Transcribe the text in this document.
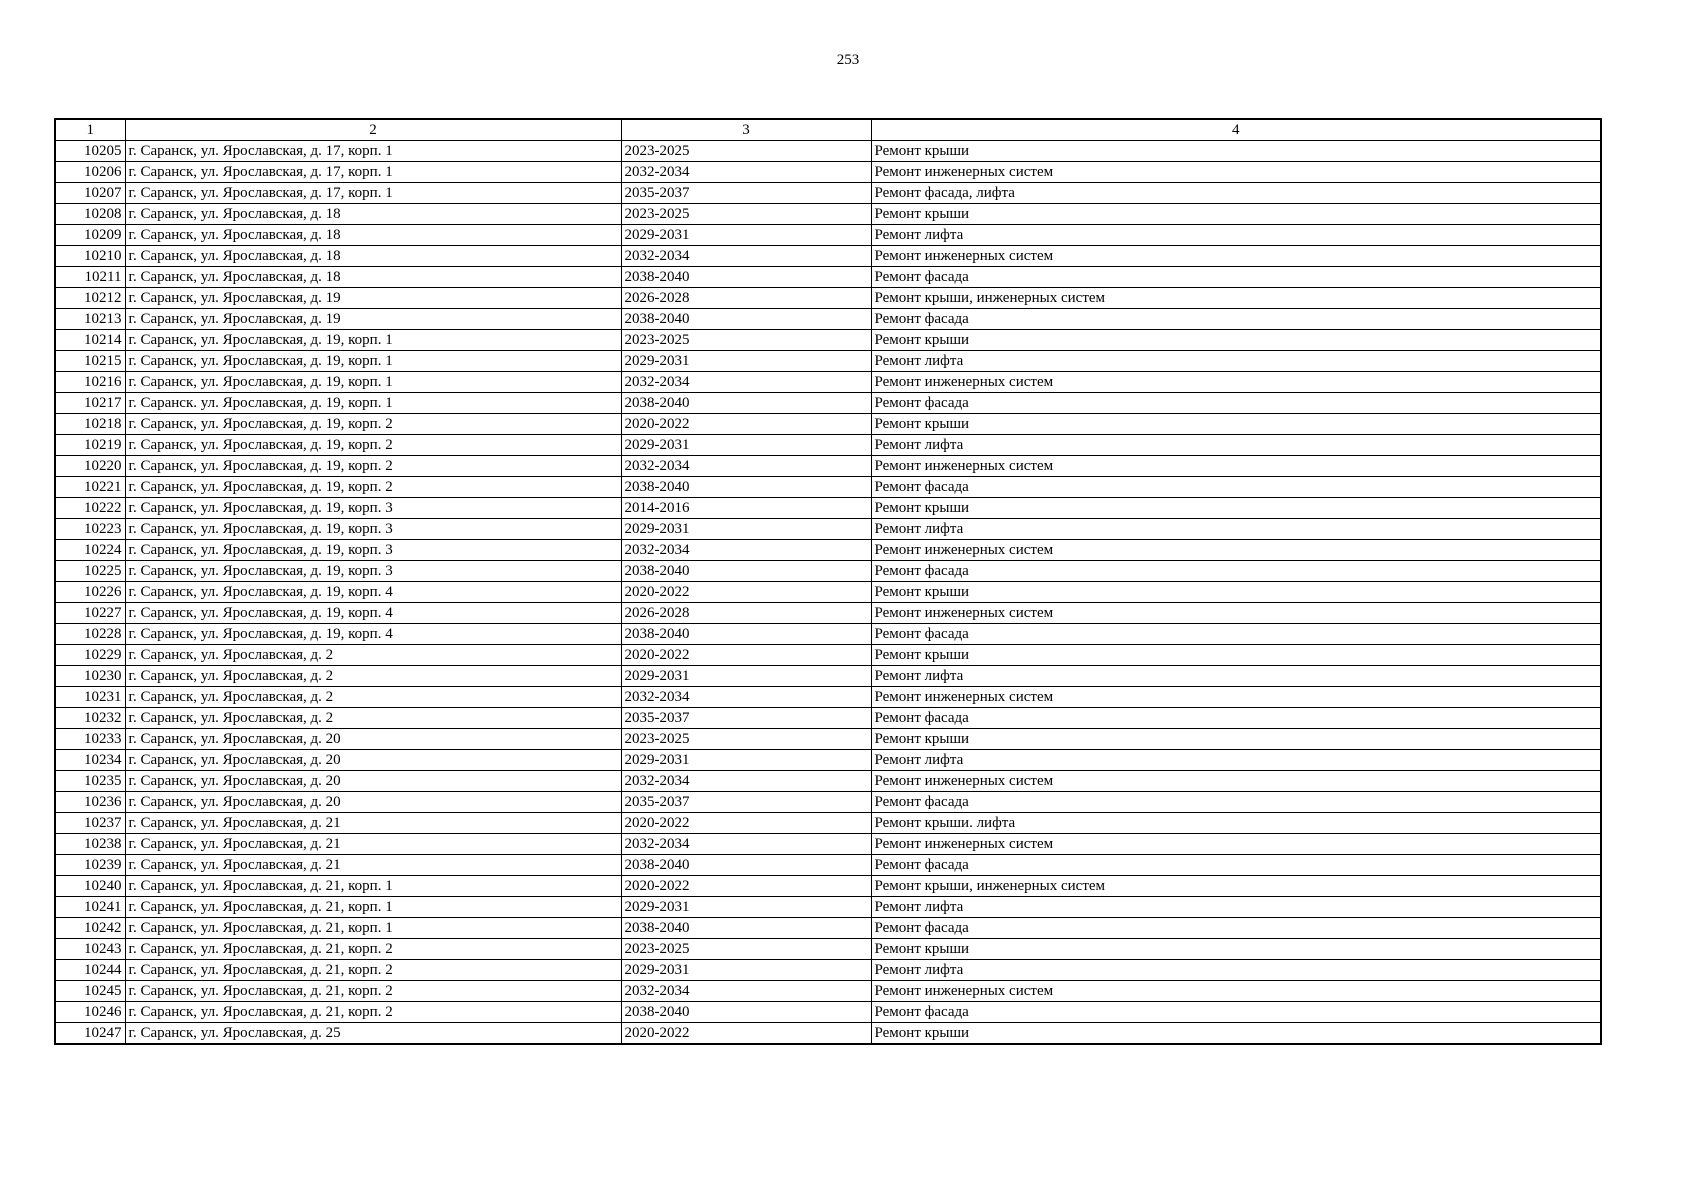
253
1	2	3	4
10205	г. Саранск, ул. Ярославская, д. 17, корп. 1	2023-2025	Ремонт крыши
10206	г. Саранск, ул. Ярославская, д. 17, корп. 1	2032-2034	Ремонт инженерных систем
10207	г. Саранск, ул. Ярославская, д. 17, корп. 1	2035-2037	Ремонт фасада, лифта
10208	г. Саранск, ул. Ярославская, д. 18	2023-2025	Ремонт крыши
10209	г. Саранск, ул. Ярославская, д. 18	2029-2031	Ремонт лифта
10210	г. Саранск, ул. Ярославская, д. 18	2032-2034	Ремонт инженерных систем
10211	г. Саранск, ул. Ярославская, д. 18	2038-2040	Ремонт фасада
10212	г. Саранск, ул. Ярославская, д. 19	2026-2028	Ремонт крыши, инженерных систем
10213	г. Саранск, ул. Ярославская, д. 19	2038-2040	Ремонт фасада
10214	г. Саранск, ул. Ярославская, д. 19, корп. 1	2023-2025	Ремонт крыши
10215	г. Саранск, ул. Ярославская, д. 19, корп. 1	2029-2031	Ремонт лифта
10216	г. Саранск, ул. Ярославская, д. 19, корп. 1	2032-2034	Ремонт инженерных систем
10217	г. Саранск. ул. Ярославская, д. 19, корп. 1	2038-2040	Ремонт фасада
10218	г. Саранск, ул. Ярославская, д. 19, корп. 2	2020-2022	Ремонт крыши
10219	г. Саранск, ул. Ярославская, д. 19, корп. 2	2029-2031	Ремонт лифта
10220	г. Саранск, ул. Ярославская, д. 19, корп. 2	2032-2034	Ремонт инженерных систем
10221	г. Саранск, ул. Ярославская, д. 19, корп. 2	2038-2040	Ремонт фасада
10222	г. Саранск, ул. Ярославская, д. 19, корп. 3	2014-2016	Ремонт крыши
10223	г. Саранск, ул. Ярославская, д. 19, корп. 3	2029-2031	Ремонт лифта
10224	г. Саранск, ул. Ярославская, д. 19, корп. 3	2032-2034	Ремонт инженерных систем
10225	г. Саранск, ул. Ярославская, д. 19, корп. 3	2038-2040	Ремонт фасада
10226	г. Саранск, ул. Ярославская, д. 19, корп. 4	2020-2022	Ремонт крыши
10227	г. Саранск, ул. Ярославская, д. 19, корп. 4	2026-2028	Ремонт инженерных систем
10228	г. Саранск, ул. Ярославская, д. 19, корп. 4	2038-2040	Ремонт фасада
10229	г. Саранск, ул. Ярославская, д. 2	2020-2022	Ремонт крыши
10230	г. Саранск, ул. Ярославская, д. 2	2029-2031	Ремонт лифта
10231	г. Саранск, ул. Ярославская, д. 2	2032-2034	Ремонт инженерных систем
10232	г. Саранск, ул. Ярославская, д. 2	2035-2037	Ремонт фасада
10233	г. Саранск, ул. Ярославская, д. 20	2023-2025	Ремонт крыши
10234	г. Саранск, ул. Ярославская, д. 20	2029-2031	Ремонт лифта
10235	г. Саранск, ул. Ярославская, д. 20	2032-2034	Ремонт инженерных систем
10236	г. Саранск, ул. Ярославская, д. 20	2035-2037	Ремонт фасада
10237	г. Саранск, ул. Ярославская, д. 21	2020-2022	Ремонт крыши. лифта
10238	г. Саранск, ул. Ярославская, д. 21	2032-2034	Ремонт инженерных систем
10239	г. Саранск, ул. Ярославская, д. 21	2038-2040	Ремонт фасада
10240	г. Саранск, ул. Ярославская, д. 21, корп. 1	2020-2022	Ремонт крыши, инженерных систем
10241	г. Саранск, ул. Ярославская, д. 21, корп. 1	2029-2031	Ремонт лифта
10242	г. Саранск, ул. Ярославская, д. 21, корп. 1	2038-2040	Ремонт фасада
10243	г. Саранск, ул. Ярославская, д. 21, корп. 2	2023-2025	Ремонт крыши
10244	г. Саранск, ул. Ярославская, д. 21, корп. 2	2029-2031	Ремонт лифта
10245	г. Саранск, ул. Ярославская, д. 21, корп. 2	2032-2034	Ремонт инженерных систем
10246	г. Саранск, ул. Ярославская, д. 21, корп. 2	2038-2040	Ремонт фасада
10247	г. Саранск, ул. Ярославская, д. 25	2020-2022	Ремонт крыши
